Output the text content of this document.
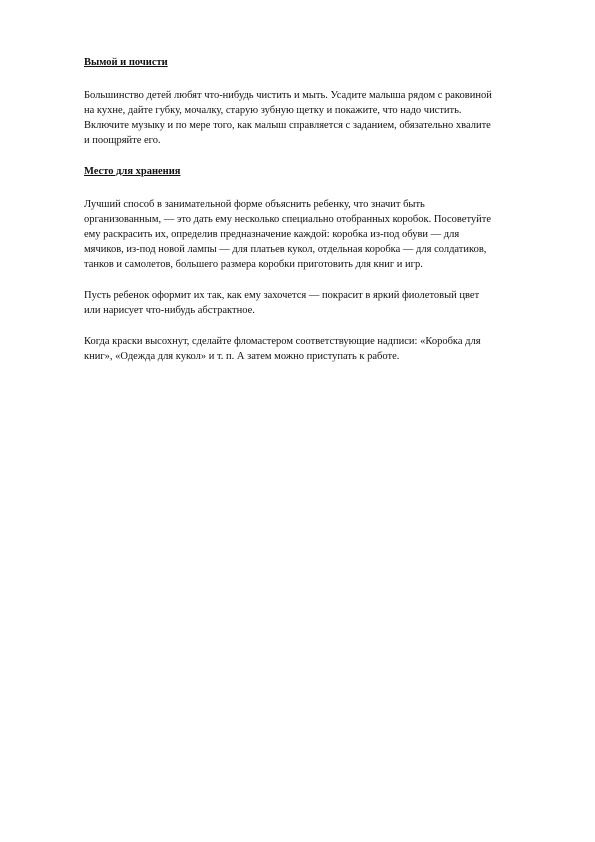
Вымой и почисти
Большинство детей любят что-нибудь чистить и мыть. Усадите малыша рядом с раковиной
на кухне, дайте губку, мочалку, старую зубную щетку и покажите, что надо чистить.
Включите музыку и по мере того, как малыш справляется с заданием, обязательно хвалите
и поощряйте его.
Место для хранения
Лучший способ в занимательной форме объяснить ребенку, что значит быть
организованным, — это дать ему несколько специально отобранных коробок. Посоветуйте
ему раскрасить их, определив предназначение каждой: коробка из-под обуви — для
мячиков, из-под новой лампы — для платьев кукол, отдельная коробка — для солдатиков,
танков и самолетов, большего размера коробки приготовить для книг и игр.
Пусть ребенок оформит их так, как ему захочется — покрасит в яркий фиолетовый цвет
или нарисует что-нибудь абстрактное.
Когда краски высохнут, сделайте фломастером соответствующие надписи: «Коробка для
книг», «Одежда для кукол» и т. п. А затем можно приступать к работе.
